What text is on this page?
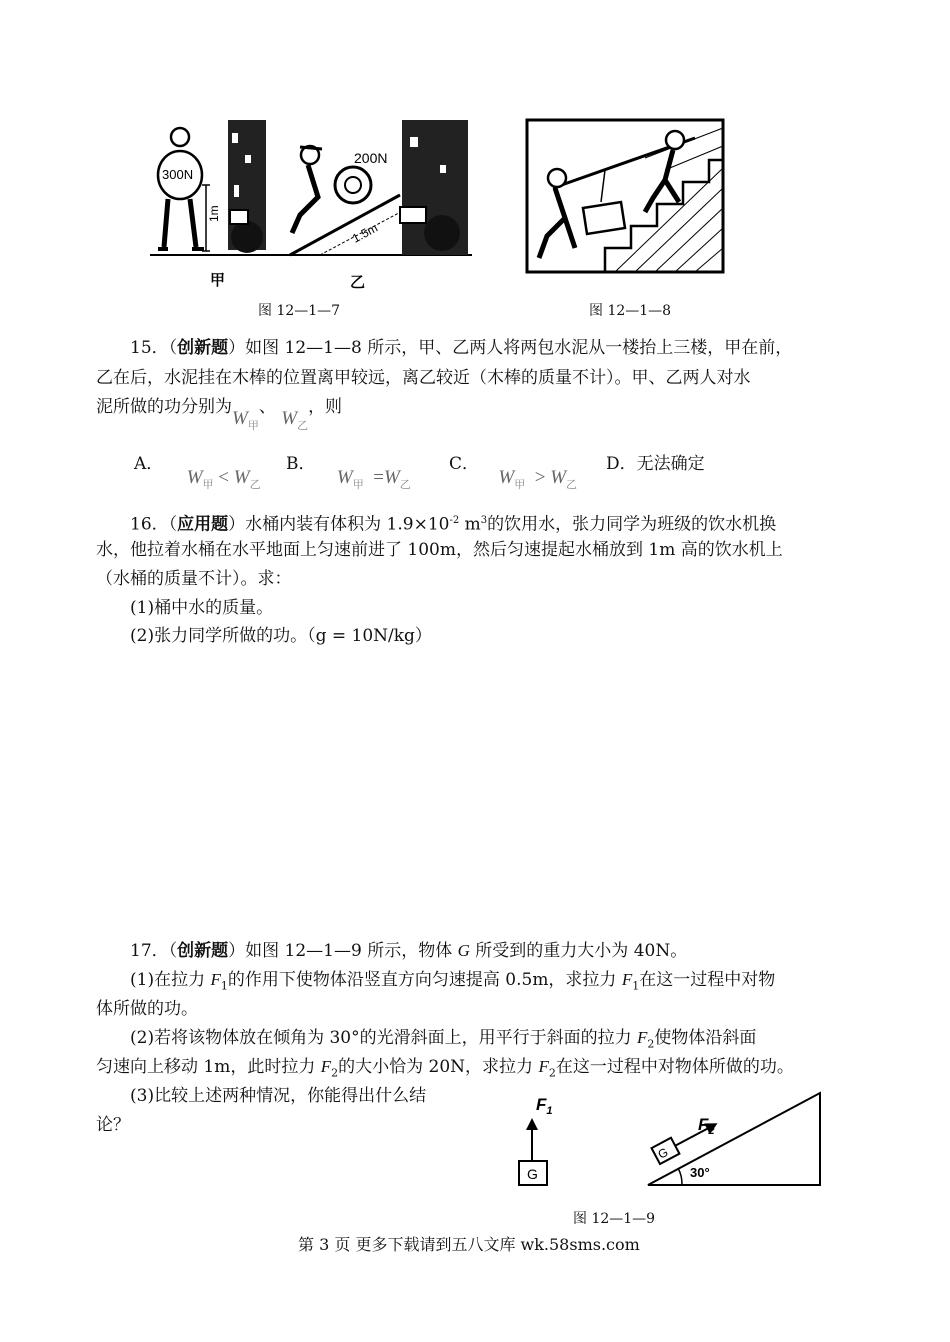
300N
1m
1.5m
200N
甲	乙
图 12—1—7	图 12—1—8
15．（创新题）如图 12—1—8 所示，甲、乙两人将两包水泥从一楼抬上三楼，甲在前，
乙在后，水泥挂在木棒的位置离甲较远，离乙较近（木棒的质量不计）。甲、乙两人对水
泥所做的功分别为$W_甲$、 $W_乙$，则
A． $W_甲 < W_乙$
B． $W_甲 =W_乙$
C． $W_甲 > W_乙$
D．无法确定
16．（应用题）水桶内装有体积为 $1.9\times 10^{-2}$ $m^3$的饮用水，张力同学为班级的饮水机换
水，他拉着水桶在水平地面上匀速前进了 100m，然后匀速提起水桶放到 1m 高的饮水机上
（水桶的质量不计）。求：
(1)桶中水的质量。
(2)张力同学所做的功。（g = 10N/kg）
17．（创新题）如图 12—1—9 所示，物体 G 所受到的重力大小为 40N。
(1)在拉力 $F_1$的作用下使物体沿竖直方向匀速提高 0.5m，求拉力 $F_1$在这一过程中对物
体所做的功。
(2)若将该物体放在倾角为 30°的光滑斜面上，用平行于斜面的拉力 $F_2$使物体沿斜面
匀速向上移动 1m，此时拉力 $F_2$的大小恰为 20N，求拉力 $F_2$在这一过程中对物体所做的功。
(3)比较上述两种情况，你能得出什么结
论？
$F_1$
G
G
$F_2$
30°
图 12—1—9
第 3 页 更多下载请到五八文库 wk.58sms.com
